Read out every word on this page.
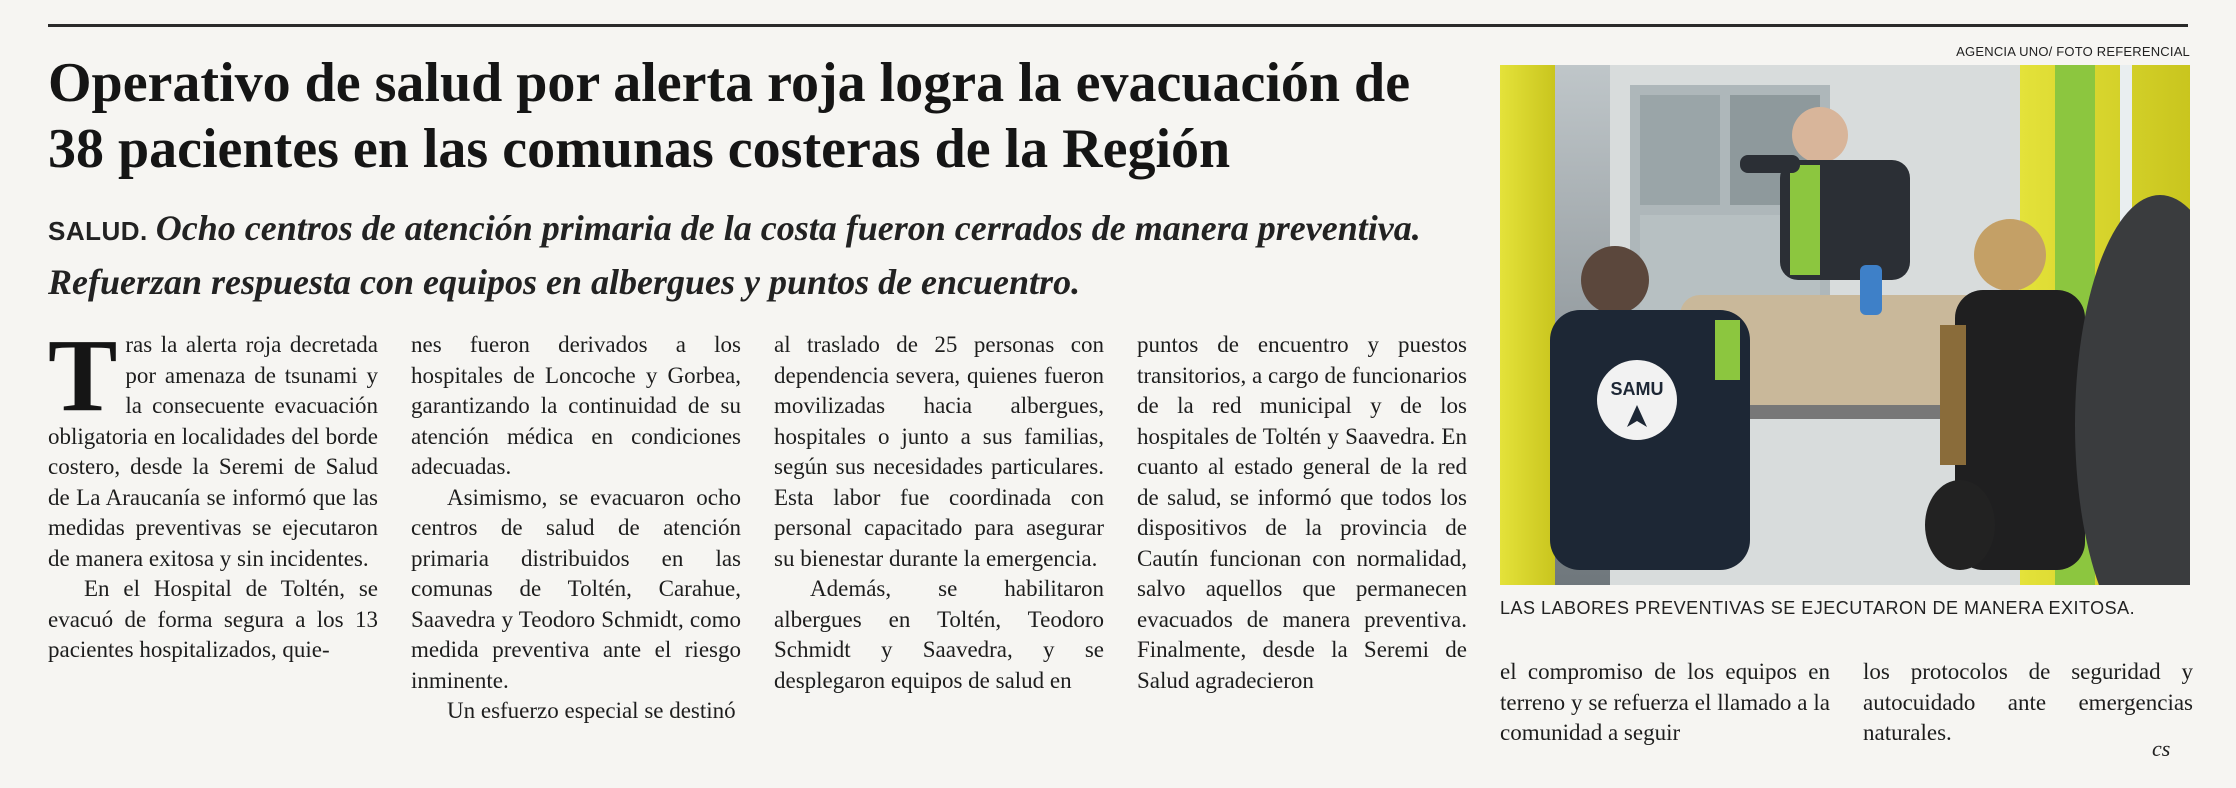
AGENCIA UNO/ FOTO REFERENCIAL
Operativo de salud por alerta roja logra la evacuación de 38 pacientes en las comunas costeras de la Región

SALUD. Ocho centros de atención primaria de la costa fueron cerrados de manera preventiva. Refuerzan respuesta con equipos en albergues y puntos de encuentro.

Tras la alerta roja decretada por amenaza de tsunami y la consecuente evacuación obligatoria en localidades del borde costero, desde la Seremi de Salud de La Araucanía se informó que las medidas preventivas se ejecutaron de manera exitosa y sin incidentes.

En el Hospital de Toltén, se evacuó de forma segura a los 13 pacientes hospitalizados, quie-

nes fueron derivados a los hospitales de Loncoche y Gorbea, garantizando la continuidad de su atención médica en condiciones adecuadas.

Asimismo, se evacuaron ocho centros de salud de atención primaria distribuidos en las comunas de Toltén, Carahue, Saavedra y Teodoro Schmidt, como medida preventiva ante el riesgo inminente.

Un esfuerzo especial se destinó

al traslado de 25 personas con dependencia severa, quienes fueron movilizadas hacia albergues, hospitales o junto a sus familias, según sus necesidades particulares. Esta labor fue coordinada con personal capacitado para asegurar su bienestar durante la emergencia.

Además, se habilitaron albergues en Toltén, Teodoro Schmidt y Saavedra, y se desplegaron equipos de salud en

puntos de encuentro y puestos transitorios, a cargo de funcionarios de la red municipal y de los hospitales de Toltén y Saavedra. En cuanto al estado general de la red de salud, se informó que todos los dispositivos de la provincia de Cautín funcionan con normalidad, salvo aquellos que permanecen evacuados de manera preventiva. Finalmente, desde la Seremi de Salud agradecieron	el compromiso de los equipos en terreno y se refuerza el llamado a la comunidad a seguir

los protocolos de seguridad y autocuidado ante emergencias naturales.

cs
SAMU
LAS LABORES PREVENTIVAS SE EJECUTARON DE MANERA EXITOSA.
